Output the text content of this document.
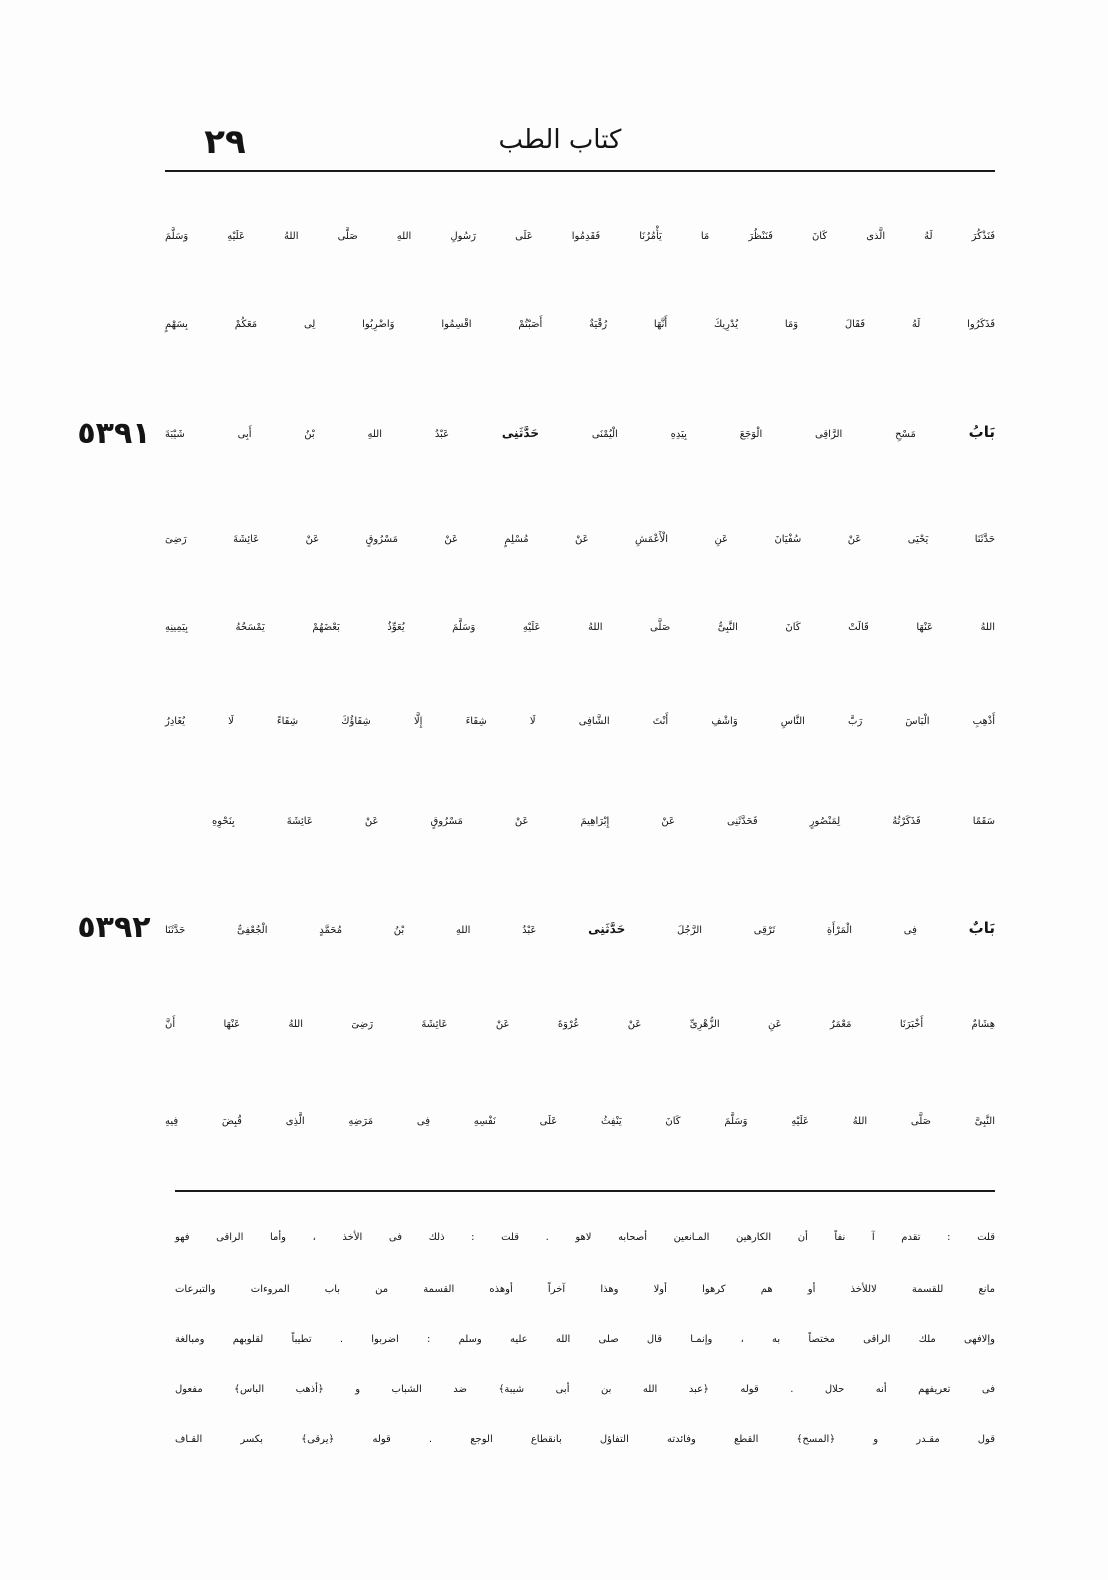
٢٩	كتاب الطب
فَنَذْكُرَ لَهُ الَّذى كَانَ فَنَنْظُرَ مَا يَأْمُرُنَا فَقَدِمُوا عَلَى رَسُولِ اللهِ صَلَّى اللهُ عَلَيْهِ وَسَلَّمَ
فَذَكَرُوا لَهُ فَقَالَ وَمَا يُدْرِيكَ أَنَّهَا رُقْيَةٌ أَصَبْتُمْ اقْسِمُوا وَاضْرِبُوا لِى مَعَكُمْ بِسَهْمٍ
بَابُ مَسْحِ الرَّاقِى الْوَجَعَ بِيَدِهِ الْيُمْنَى حَدَّثَنِى عَبْدُ اللهِ بْنُ أَبِى شَيْبَةَ
٥٣٩١
حَدَّثَنَا يَحْيَى عَنْ سُفْيَانَ عَنِ الْأَعْمَشِ عَنْ مُسْلِمٍ عَنْ مَسْرُوقٍ عَنْ عَائِشَةَ رَضِىَ
اللهُ عَنْهَا قَالَتْ كَانَ النَّبِىُّ صَلَّى اللهُ عَلَيْهِ وَسَلَّمَ يُعَوِّذُ بَعْضَهُمْ يَمْسَحُهُ بِيَمِينِهِ
أَذْهِبِ الْبَاسَ رَبَّ النَّاسِ وَاشْفِ أَنْتَ الشَّافِى لَا شِفَاءَ إِلَّا شِفَاؤُكَ شِفَاءً لَا يُغَادِرُ
سَقَمًا فَذَكَرْتُهُ لِمَنْصُورٍ فَحَدَّثَنِى عَنْ إِبْرَاهِيمَ عَنْ مَسْرُوقٍ عَنْ عَائِشَةَ بِنَحْوِهِ
بَابٌ فِى الْمَرْأَةِ تَرْقِى الرَّجُلَ حَدَّثَنِى عَبْدُ اللهِ بْنُ مُحَمَّدٍ الْجُعْفِىُّ حَدَّثَنَا
٥٣٩٢
هِشَامٌ أَخْبَرَنَا مَعْمَرٌ عَنِ الزُّهْرِىِّ عَنْ عُرْوَةَ عَنْ عَائِشَةَ رَضِىَ اللهُ عَنْهَا أَنَّ
النَّبِىَّ صَلَّى اللهُ عَلَيْهِ وَسَلَّمَ كَانَ يَنْفِثُ عَلَى نَفْسِهِ فِى مَرَضِهِ الَّذِى قُبِضَ فِيهِ
قلت : تقدم آ نفاً أن الكارهين المـانعين أصحابه لاهو . قلت : ذلك فى الأخذ ، وأما الراقى فهو
مانع للقسمة لاللأخذ أو هم كرهوا أولا وهذا آخراً أوهذه القسمة من باب المروءات والتبرعات
وإلافهى ملك الراقى مختصاً به ، وإنمـا قال صلى الله عليه وسلم : اضربوا . تطيباً لقلوبهم ومبالغة
فى تعريفهم أنه حلال . قوله ﴿عبد الله بن أبى شيبة﴾ ضد الشباب و ﴿أذهب الباس﴾ مفعول
قول مقـدر و ﴿المسح﴾ القطع وفائدته التفاؤل بانقطاع الوجع . قوله ﴿يرقى﴾ بكسر القـاف
